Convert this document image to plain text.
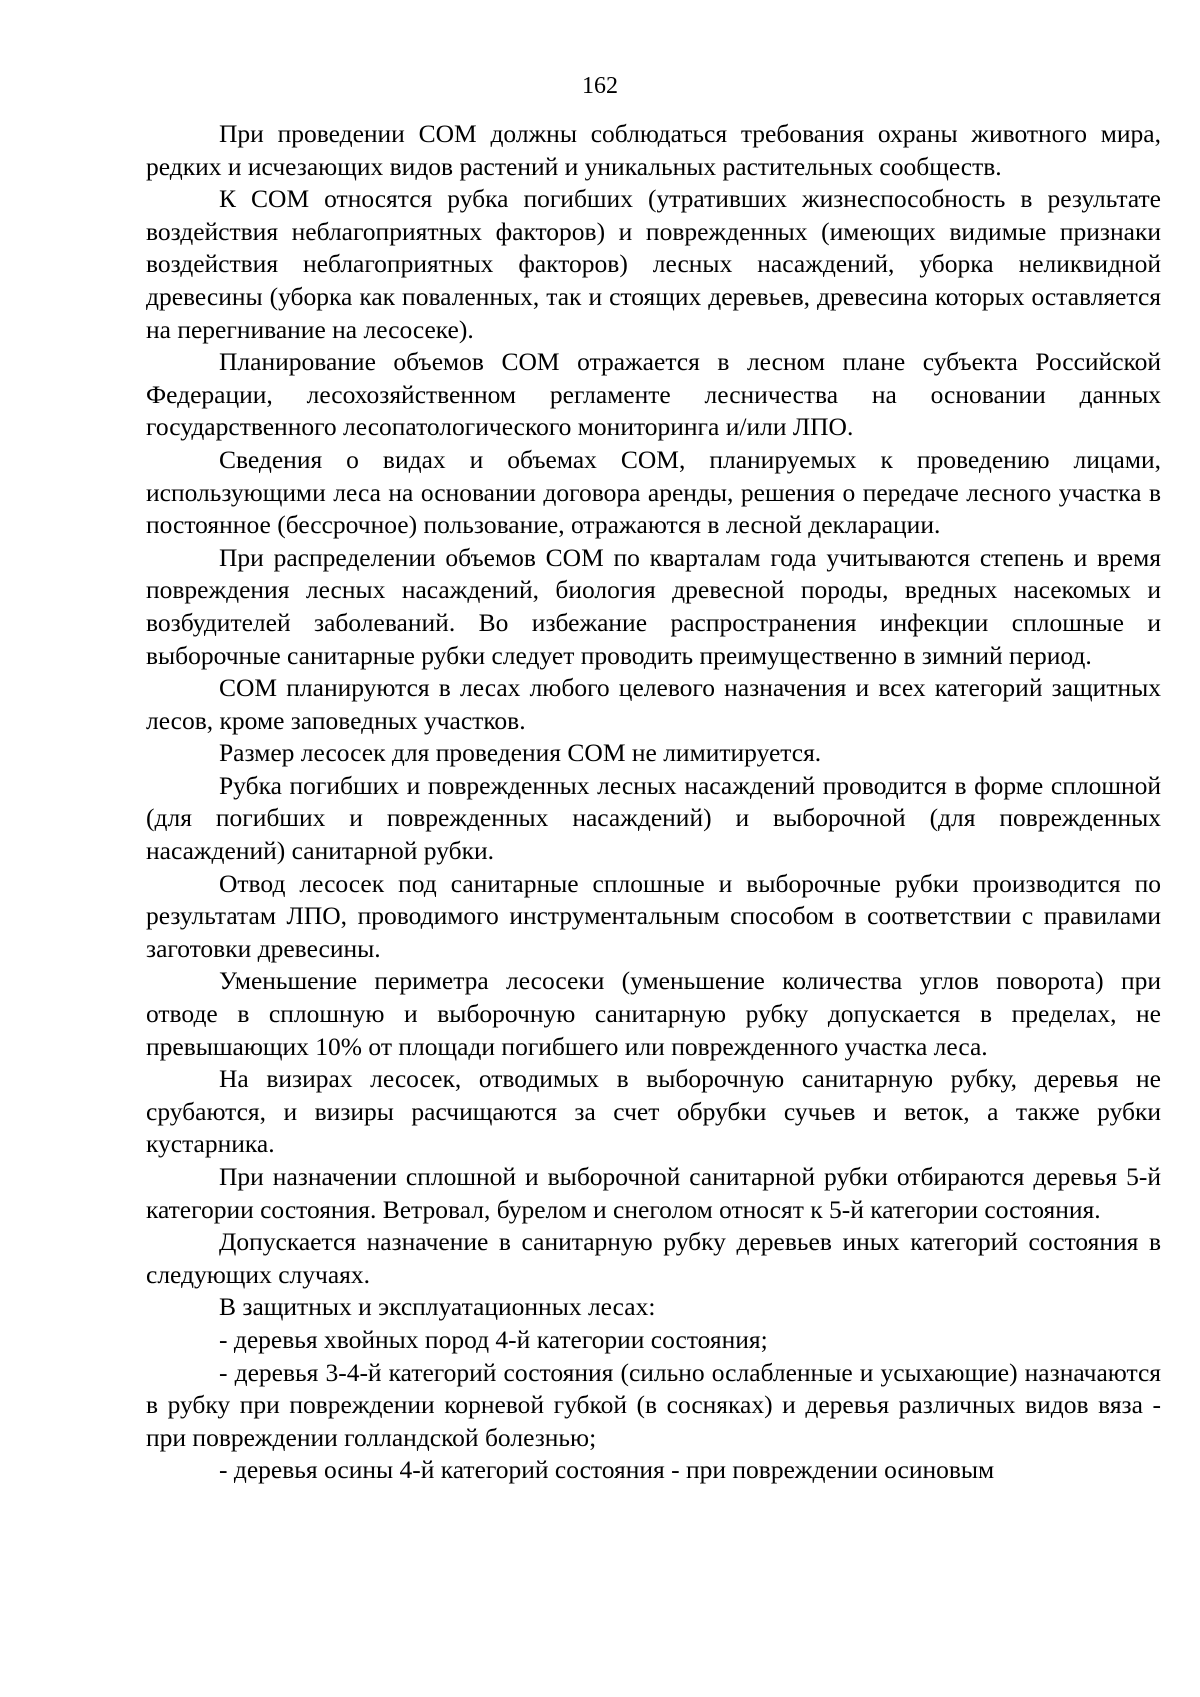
162

При проведении СОМ должны соблюдаться требования охраны животного мира, редких и исчезающих видов растений и уникальных растительных сообществ.

К СОМ относятся рубка погибших (утративших жизнеспособность в результате воздействия неблагоприятных факторов) и поврежденных (имеющих видимые признаки воздействия неблагоприятных факторов) лесных насаждений, уборка неликвидной древесины (уборка как поваленных, так и стоящих деревьев, древесина которых оставляется на перегнивание на лесосеке).

Планирование объемов СОМ отражается в лесном плане субъекта Российской Федерации, лесохозяйственном регламенте лесничества на основании данных государственного лесопатологического мониторинга и/или ЛПО.

Сведения о видах и объемах СОМ, планируемых к проведению лицами, использующими леса на основании договора аренды, решения о передаче лесного участка в постоянное (бессрочное) пользование, отражаются в лесной декларации.

При распределении объемов СОМ по кварталам года учитываются степень и время повреждения лесных насаждений, биология древесной породы, вредных насекомых и возбудителей заболеваний. Во избежание распространения инфекции сплошные и выборочные санитарные рубки следует проводить преимущественно в зимний период.

СОМ планируются в лесах любого целевого назначения и всех категорий защитных лесов, кроме заповедных участков.

Размер лесосек для проведения СОМ не лимитируется.

Рубка погибших и поврежденных лесных насаждений проводится в форме сплошной (для погибших и поврежденных насаждений) и выборочной (для поврежденных насаждений) санитарной рубки.

Отвод лесосек под санитарные сплошные и выборочные рубки производится по результатам ЛПО, проводимого инструментальным способом в соответствии с правилами заготовки древесины.

Уменьшение периметра лесосеки (уменьшение количества углов поворота) при отводе в сплошную и выборочную санитарную рубку допускается в пределах, не превышающих 10% от площади погибшего или поврежденного участка леса.

На визирах лесосек, отводимых в выборочную санитарную рубку, деревья не срубаются, и визиры расчищаются за счет обрубки сучьев и веток, а также рубки кустарника.

При назначении сплошной и выборочной санитарной рубки отбираются деревья 5-й категории состояния. Ветровал, бурелом и снеголом относят к 5-й категории состояния.

Допускается назначение в санитарную рубку деревьев иных категорий состояния в следующих случаях.

В защитных и эксплуатационных лесах:

- деревья хвойных пород 4-й категории состояния;

- деревья 3-4-й категорий состояния (сильно ослабленные и усыхающие) назначаются в рубку при повреждении корневой губкой (в сосняках) и деревья различных видов вяза - при повреждении голландской болезнью;

- деревья осины 4-й категорий состояния - при повреждении осиновым
